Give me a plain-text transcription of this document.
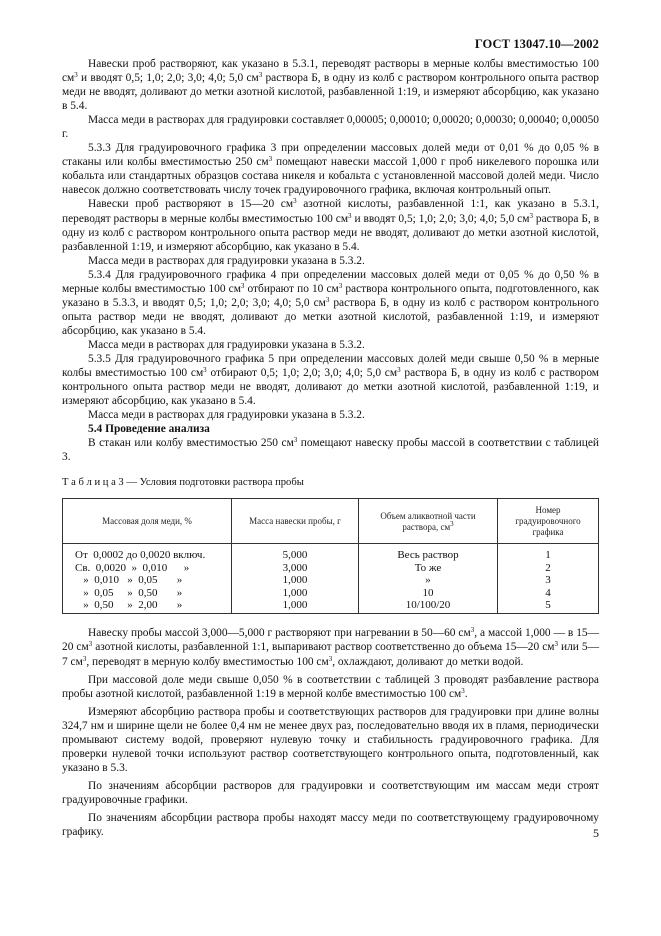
ГОСТ 13047.10—2002

Навески проб растворяют, как указано в 5.3.1, переводят растворы в мерные колбы вместимостью 100 $см^3$ и вводят 0,5; 1,0; 2,0; 3,0; 4,0; 5,0 $см^3$ раствора Б, в одну из колб с раствором контрольного опыта раствор меди не вводят, доливают до метки азотной кислотой, разбавленной 1:19, и измеряют абсорбцию, как указано в 5.4.

Масса меди в растворах для градуировки составляет 0,00005; 0,00010; 0,00020; 0,00030; 0,00040; 0,00050 г.

5.3.3 Для градуировочного графика 3 при определении массовых долей меди от 0,01 % до 0,05 % в стаканы или колбы вместимостью 250 $см^3$ помещают навески массой 1,000 г проб никелевого порошка или кобальта или стандартных образцов состава никеля и кобальта с установленной массовой долей меди. Число навесок должно соответствовать числу точек градуировочного графика, включая контрольный опыт.

Навески проб растворяют в 15—20 $см^3$ азотной кислоты, разбавленной 1:1, как указано в 5.3.1, переводят растворы в мерные колбы вместимостью 100 $см^3$ и вводят 0,5; 1,0; 2,0; 3,0; 4,0; 5,0 $см^3$ раствора Б, в одну из колб с раствором контрольного опыта раствор меди не вводят, доливают до метки азотной кислотой, разбавленной 1:19, и измеряют абсорбцию, как указано в 5.4.

Масса меди в растворах для градуировки указана в 5.3.2.

5.3.4 Для градуировочного графика 4 при определении массовых долей меди от 0,05 % до 0,50 % в мерные колбы вместимостью 100 $см^3$ отбирают по 10 $см^3$ раствора контрольного опыта, подготовленного, как указано в 5.3.3, и вводят 0,5; 1,0; 2,0; 3,0; 4,0; 5,0 $см^3$ раствора Б, в одну из колб с раствором контрольного опыта раствор меди не вводят, доливают до метки азотной кислотой, разбавленной 1:19, и измеряют абсорбцию, как указано в 5.4.

Масса меди в растворах для градуировки указана в 5.3.2.

5.3.5 Для градуировочного графика 5 при определении массовых долей меди свыше 0,50 % в мерные колбы вместимостью 100 $см^3$ отбирают 0,5; 1,0; 2,0; 3,0; 4,0; 5,0 $см^3$ раствора Б, в одну из колб с раствором контрольного опыта раствор меди не вводят, доливают до метки азотной кислотой, разбавленной 1:19, и измеряют абсорбцию, как указано в 5.4.

Масса меди в растворах для градуировки указана в 5.3.2.

5.4 Проведение анализа

В стакан или колбу вместимостью 250 $см^3$ помещают навеску пробы массой в соответствии с таблицей 3.

Т а б л и ц а 3 — Условия подготовки раствора пробы

Массовая доля меди, %	Масса навески пробы, г	Объем аликвотной части раствора, $см^3$	Номер градуировочного графика
От  0,0002 до 0,0020 включ.	5,000	Весь раствор	1
Св.  0,0020  »  0,010      »	3,000	То же	2
»  0,010   »  0,05       »	1,000	»	3
»  0,05     »  0,50       »	1,000	10	4
»  0,50     »  2,00       »	1,000	10/100/20	5

Навеску пробы массой 3,000—5,000 г растворяют при нагревании в 50—60 $см^3$, а массой 1,000 — в 15—20 $см^3$ азотной кислоты, разбавленной 1:1, выпаривают раствор соответственно до объема 15—20 $см^3$ или 5—7 $см^3$, переводят в мерную колбу вместимостью 100 $см^3$, охлаждают, доливают до метки водой.

При массовой доле меди свыше 0,050 % в соответствии с таблицей 3 проводят разбавление раствора пробы азотной кислотой, разбавленной 1:19 в мерной колбе вместимостью 100 $см^3$.

Измеряют абсорбцию раствора пробы и соответствующих растворов для градуировки при длине волны 324,7 нм и ширине щели не более 0,4 нм не менее двух раз, последовательно вводя их в пламя, периодически промывают систему водой, проверяют нулевую точку и стабильность градуировочного графика. Для проверки нулевой точки используют раствор соответствующего контрольного опыта, подготовленный, как указано в 5.3.

По значениям абсорбции растворов для градуировки и соответствующим им массам меди строят градуировочные графики.

По значениям абсорбции раствора пробы находят массу меди по соответствующему градуировочному графику.	5
